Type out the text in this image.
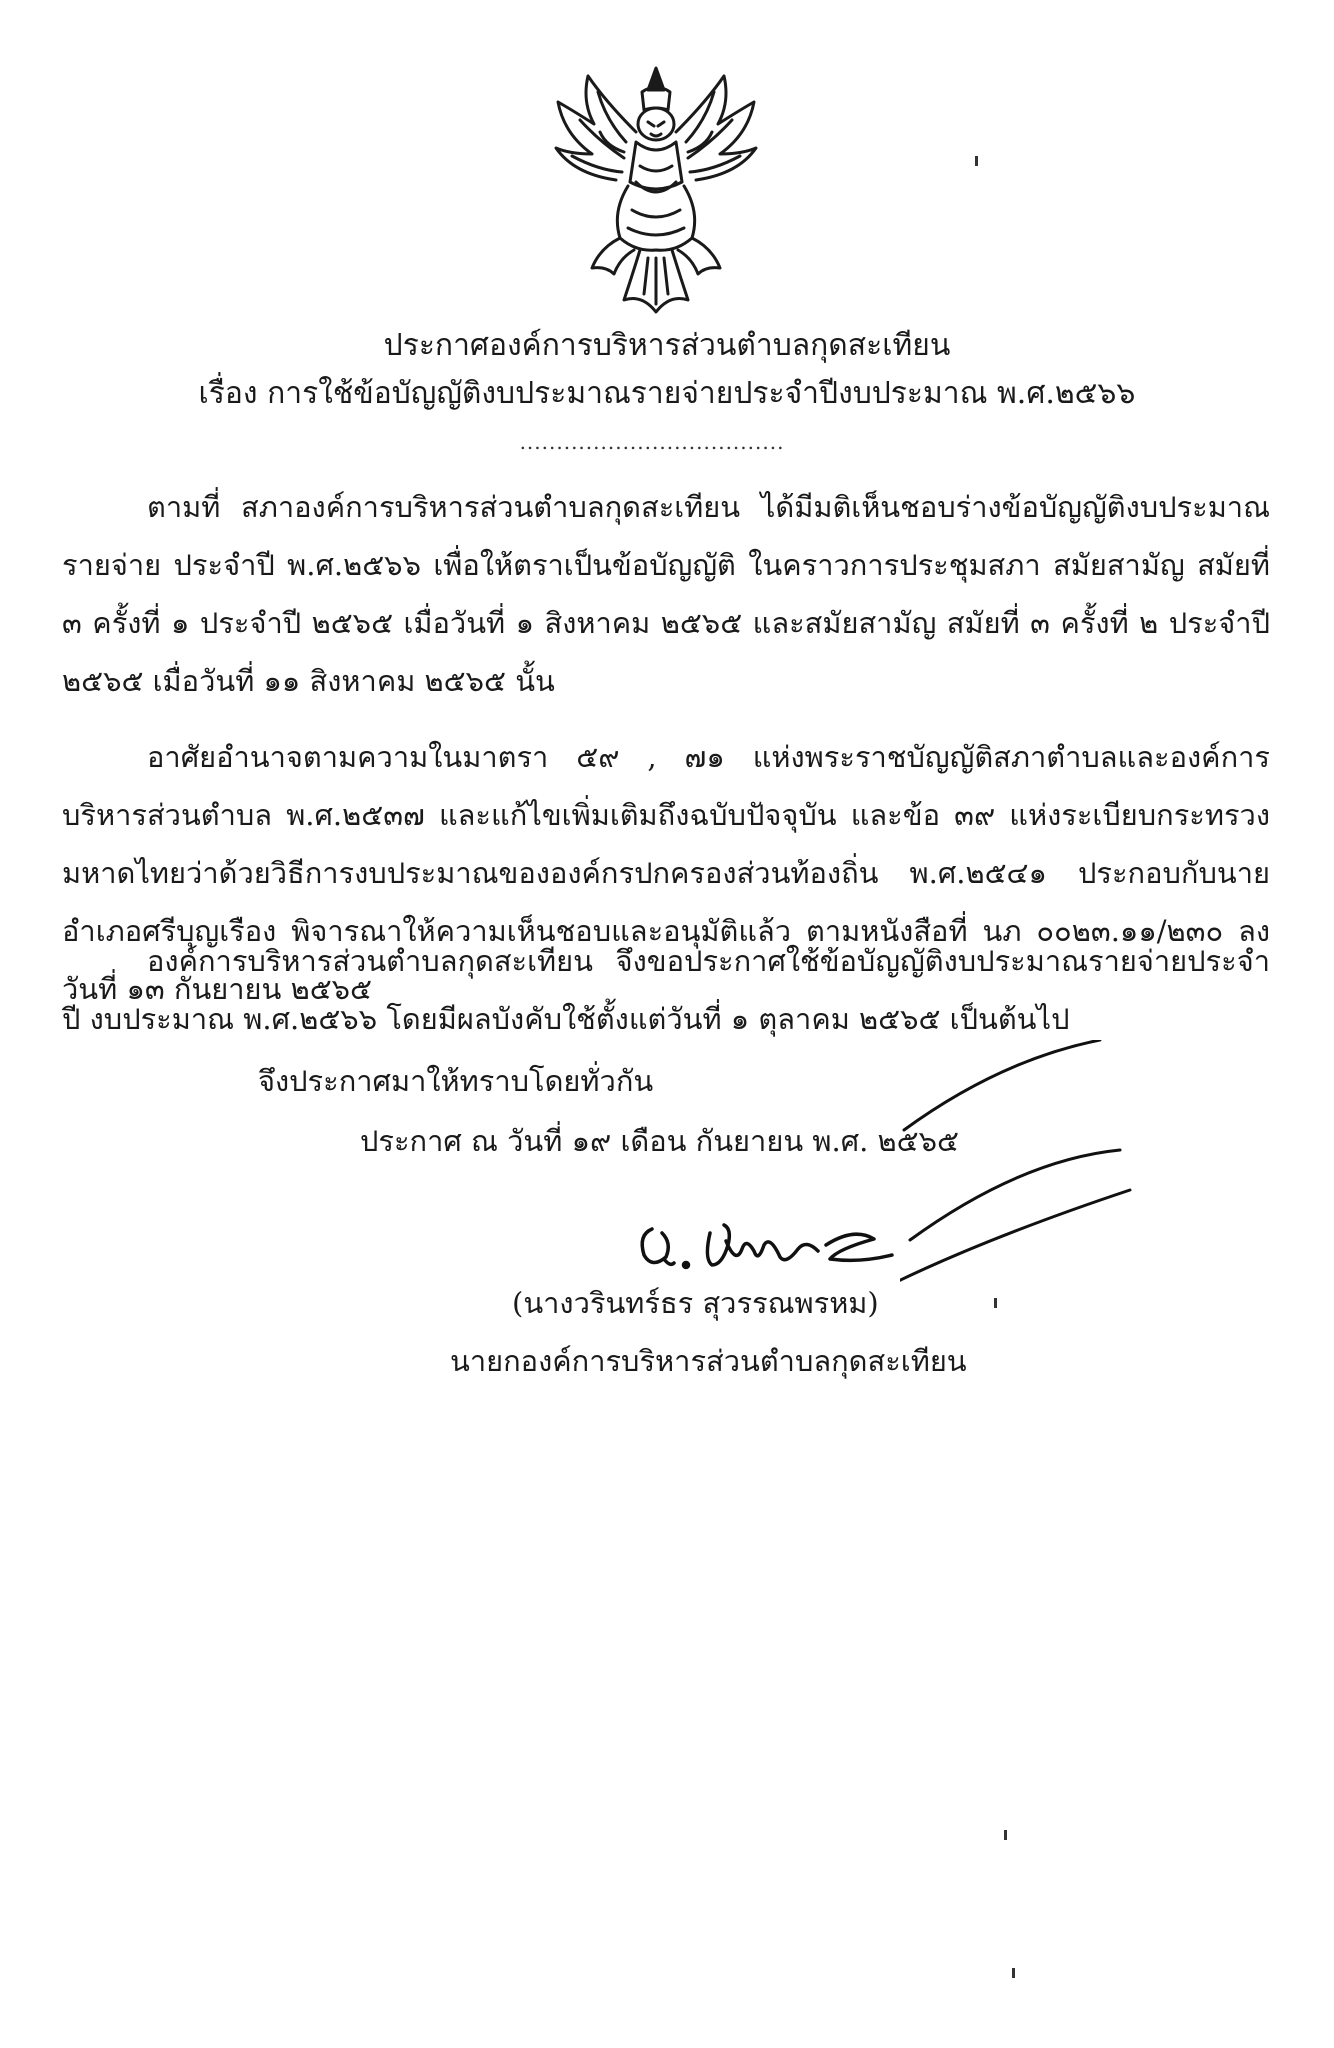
ประกาศองค์การบริหารส่วนตำบลกุดสะเทียน
เรื่อง การใช้ข้อบัญญัติงบประมาณรายจ่ายประจำปีงบประมาณ พ.ศ.๒๕๖๖
....................................
ตามที่ สภาองค์การบริหารส่วนตำบลกุดสะเทียน ได้มีมติเห็นชอบร่างข้อบัญญัติงบประมาณรายจ่าย ประจำปี พ.ศ.๒๕๖๖ เพื่อให้ตราเป็นข้อบัญญัติ ในคราวการประชุมสภา สมัยสามัญ สมัยที่ ๓ ครั้งที่ ๑ ประจำปี ๒๕๖๕ เมื่อวันที่ ๑ สิงหาคม ๒๕๖๕ และสมัยสามัญ สมัยที่ ๓ ครั้งที่ ๒ ประจำปี ๒๕๖๕ เมื่อวันที่ ๑๑ สิงหาคม ๒๕๖๕ นั้น
อาศัยอำนาจตามความในมาตรา ๕๙ , ๗๑ แห่งพระราชบัญญัติสภาตำบลและองค์การบริหารส่วนตำบล พ.ศ.๒๕๓๗ และแก้ไขเพิ่มเติมถึงฉบับปัจจุบัน และข้อ ๓๙ แห่งระเบียบกระทรวงมหาดไทยว่าด้วยวิธีการงบประมาณขององค์กรปกครองส่วนท้องถิ่น พ.ศ.๒๕๔๑ ประกอบกับนายอำเภอศรีบุญเรือง พิจารณาให้ความเห็นชอบและอนุมัติแล้ว ตามหนังสือที่ นภ ๐๐๒๓.๑๑/๒๓๐ ลงวันที่ ๑๓ กันยายน ๒๕๖๕
องค์การบริหารส่วนตำบลกุดสะเทียน จึงขอประกาศใช้ข้อบัญญัติงบประมาณรายจ่ายประจำปี งบประมาณ พ.ศ.๒๕๖๖ โดยมีผลบังคับใช้ตั้งแต่วันที่ ๑ ตุลาคม ๒๕๖๕ เป็นต้นไป
จึงประกาศมาให้ทราบโดยทั่วกัน
ประกาศ ณ วันที่ ๑๙ เดือน กันยายน พ.ศ. ๒๕๖๕
(นางวรินทร์ธร สุวรรณพรหม)
นายกองค์การบริหารส่วนตำบลกุดสะเทียน
